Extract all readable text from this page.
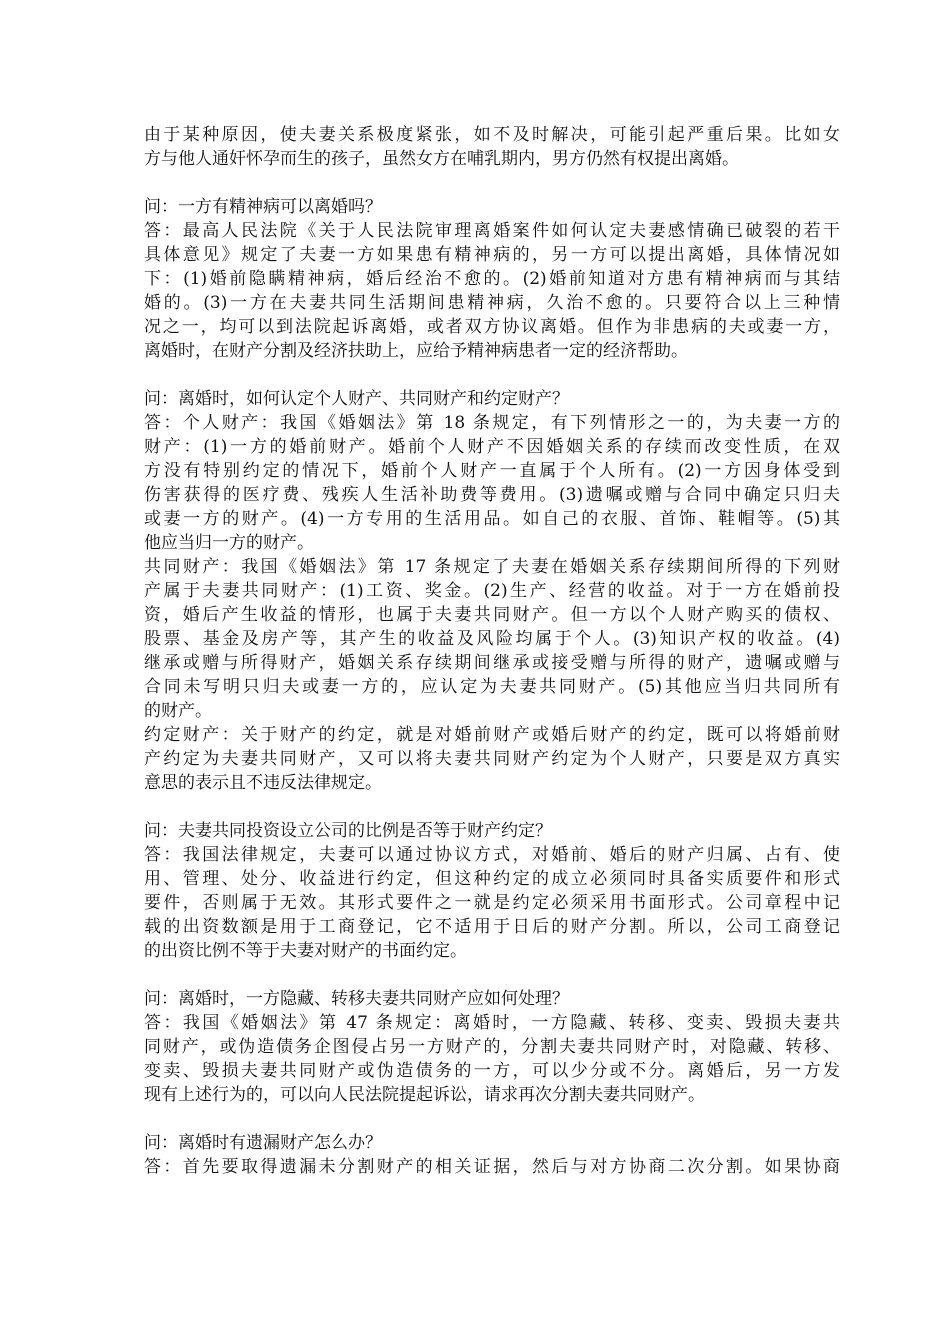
由于某种原因，使夫妻关系极度紧张，如不及时解决，可能引起严重后果。比如女
方与他人通奸怀孕而生的孩子，虽然女方在哺乳期内，男方仍然有权提出离婚。
问：一方有精神病可以离婚吗？
答：最高人民法院《关于人民法院审理离婚案件如何认定夫妻感情确已破裂的若干
具体意见》规定了夫妻一方如果患有精神病的，另一方可以提出离婚，具体情况如
下：(1)婚前隐瞒精神病，婚后经治不愈的。(2)婚前知道对方患有精神病而与其结
婚的。(3)一方在夫妻共同生活期间患精神病，久治不愈的。只要符合以上三种情
况之一，均可以到法院起诉离婚，或者双方协议离婚。但作为非患病的夫或妻一方，
离婚时，在财产分割及经济扶助上，应给予精神病患者一定的经济帮助。
问：离婚时，如何认定个人财产、共同财产和约定财产？
答：个人财产：我国《婚姻法》第 18 条规定，有下列情形之一的，为夫妻一方的
财产：(1)一方的婚前财产。婚前个人财产不因婚姻关系的存续而改变性质，在双
方没有特别约定的情况下，婚前个人财产一直属于个人所有。(2)一方因身体受到
伤害获得的医疗费、残疾人生活补助费等费用。(3)遗嘱或赠与合同中确定只归夫
或妻一方的财产。(4)一方专用的生活用品。如自己的衣服、首饰、鞋帽等。(5)其
他应当归一方的财产。
共同财产：我国《婚姻法》第 17 条规定了夫妻在婚姻关系存续期间所得的下列财
产属于夫妻共同财产：(1)工资、奖金。(2)生产、经营的收益。对于一方在婚前投
资，婚后产生收益的情形，也属于夫妻共同财产。但一方以个人财产购买的债权、
股票、基金及房产等，其产生的收益及风险均属于个人。(3)知识产权的收益。(4)
继承或赠与所得财产，婚姻关系存续期间继承或接受赠与所得的财产，遗嘱或赠与
合同未写明只归夫或妻一方的，应认定为夫妻共同财产。(5)其他应当归共同所有
的财产。
约定财产：关于财产的约定，就是对婚前财产或婚后财产的约定，既可以将婚前财
产约定为夫妻共同财产，又可以将夫妻共同财产约定为个人财产，只要是双方真实
意思的表示且不违反法律规定。
问：夫妻共同投资设立公司的比例是否等于财产约定？
答：我国法律规定，夫妻可以通过协议方式，对婚前、婚后的财产归属、占有、使
用、管理、处分、收益进行约定，但这种约定的成立必须同时具备实质要件和形式
要件，否则属于无效。其形式要件之一就是约定必须采用书面形式。公司章程中记
载的出资数额是用于工商登记，它不适用于日后的财产分割。所以，公司工商登记
的出资比例不等于夫妻对财产的书面约定。
问：离婚时，一方隐藏、转移夫妻共同财产应如何处理？
答：我国《婚姻法》第 47 条规定：离婚时，一方隐藏、转移、变卖、毁损夫妻共
同财产，或伪造债务企图侵占另一方财产的，分割夫妻共同财产时，对隐藏、转移、
变卖、毁损夫妻共同财产或伪造债务的一方，可以少分或不分。离婚后，另一方发
现有上述行为的，可以向人民法院提起诉讼，请求再次分割夫妻共同财产。
问：离婚时有遗漏财产怎么办？
答：首先要取得遗漏未分割财产的相关证据，然后与对方协商二次分割。如果协商
